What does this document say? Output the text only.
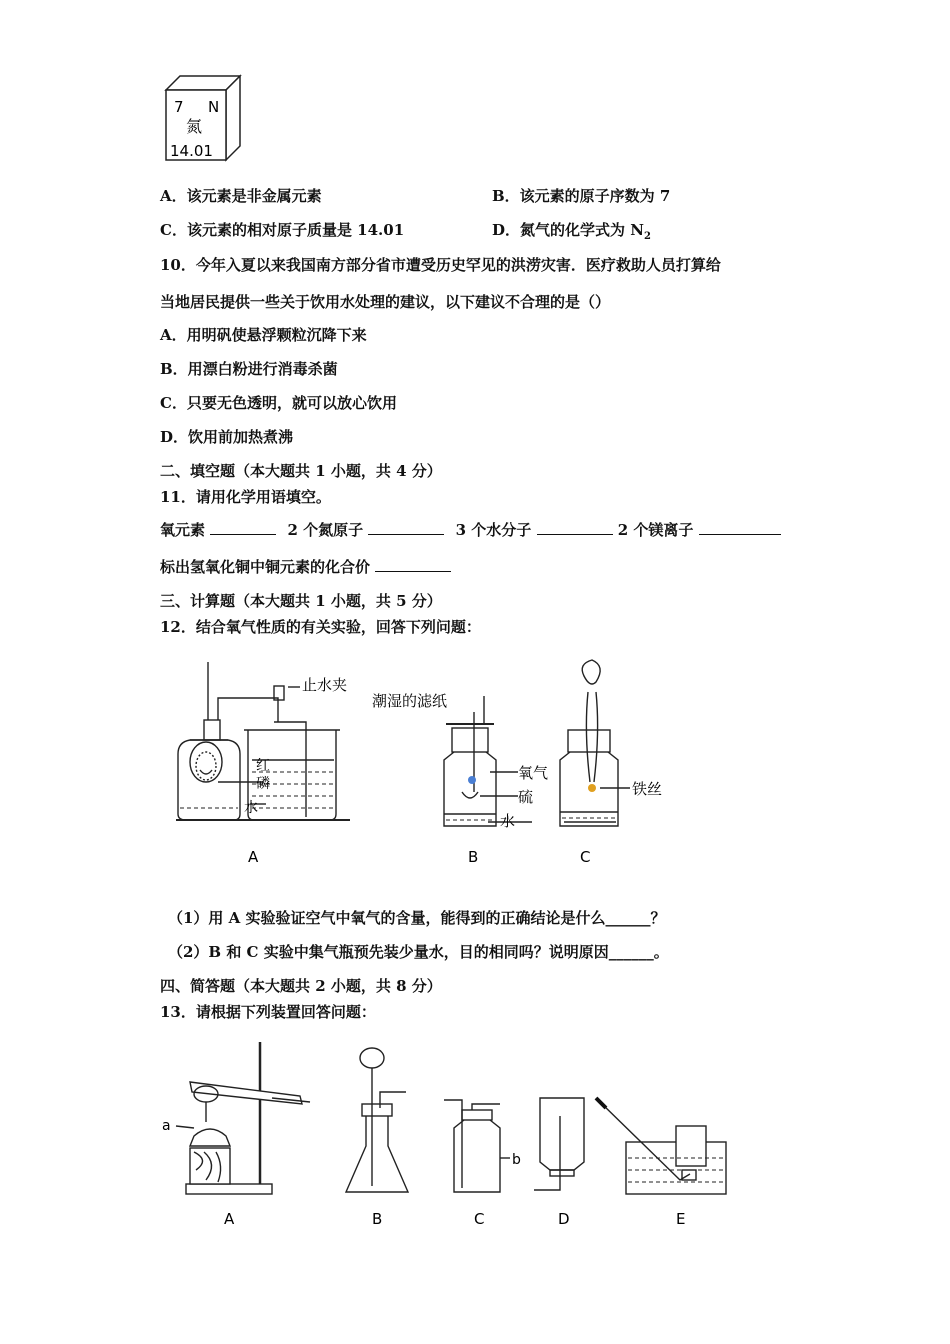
7 N
氮
14.01
A．该元素是非金属元素	B．该元素的原子序数为 7
C．该元素的相对原子质量是 14.01	D．氮气的化学式为 $N_2$
10．今年入夏以来我国南方部分省市遭受历史罕见的洪涝灾害．医疗救助人员打算给
当地居民提供一些关于饮用水处理的建议，以下建议不合理的是（）
A．用明矾使悬浮颗粒沉降下来
B．用漂白粉进行消毒杀菌
C．只要无色透明，就可以放心饮用
D．饮用前加热煮沸
二、填空题（本大题共 1 小题，共 4 分）
11．请用化学用语填空。
氧元素	2 个氮原子	3 个水分子	2 个镁离子
标出氢氧化铜中铜元素的化合价
三、计算题（本大题共 1 小题，共 5 分）
12．结合氧气性质的有关实验，回答下列问题：
止水夹
红
磷
水
潮湿的滤纸
氧气
硫
水
铁丝
A	B	C
（1）用 A 实验验证空气中氧气的含量，能得到的正确结论是什么______？
（2）B 和 C 实验中集气瓶预先装少量水，目的相同吗？说明原因______。
四、简答题（本大题共 2 小题，共 8 分）
13．请根据下列装置回答问题：
a
b
A	B	C	D	E
